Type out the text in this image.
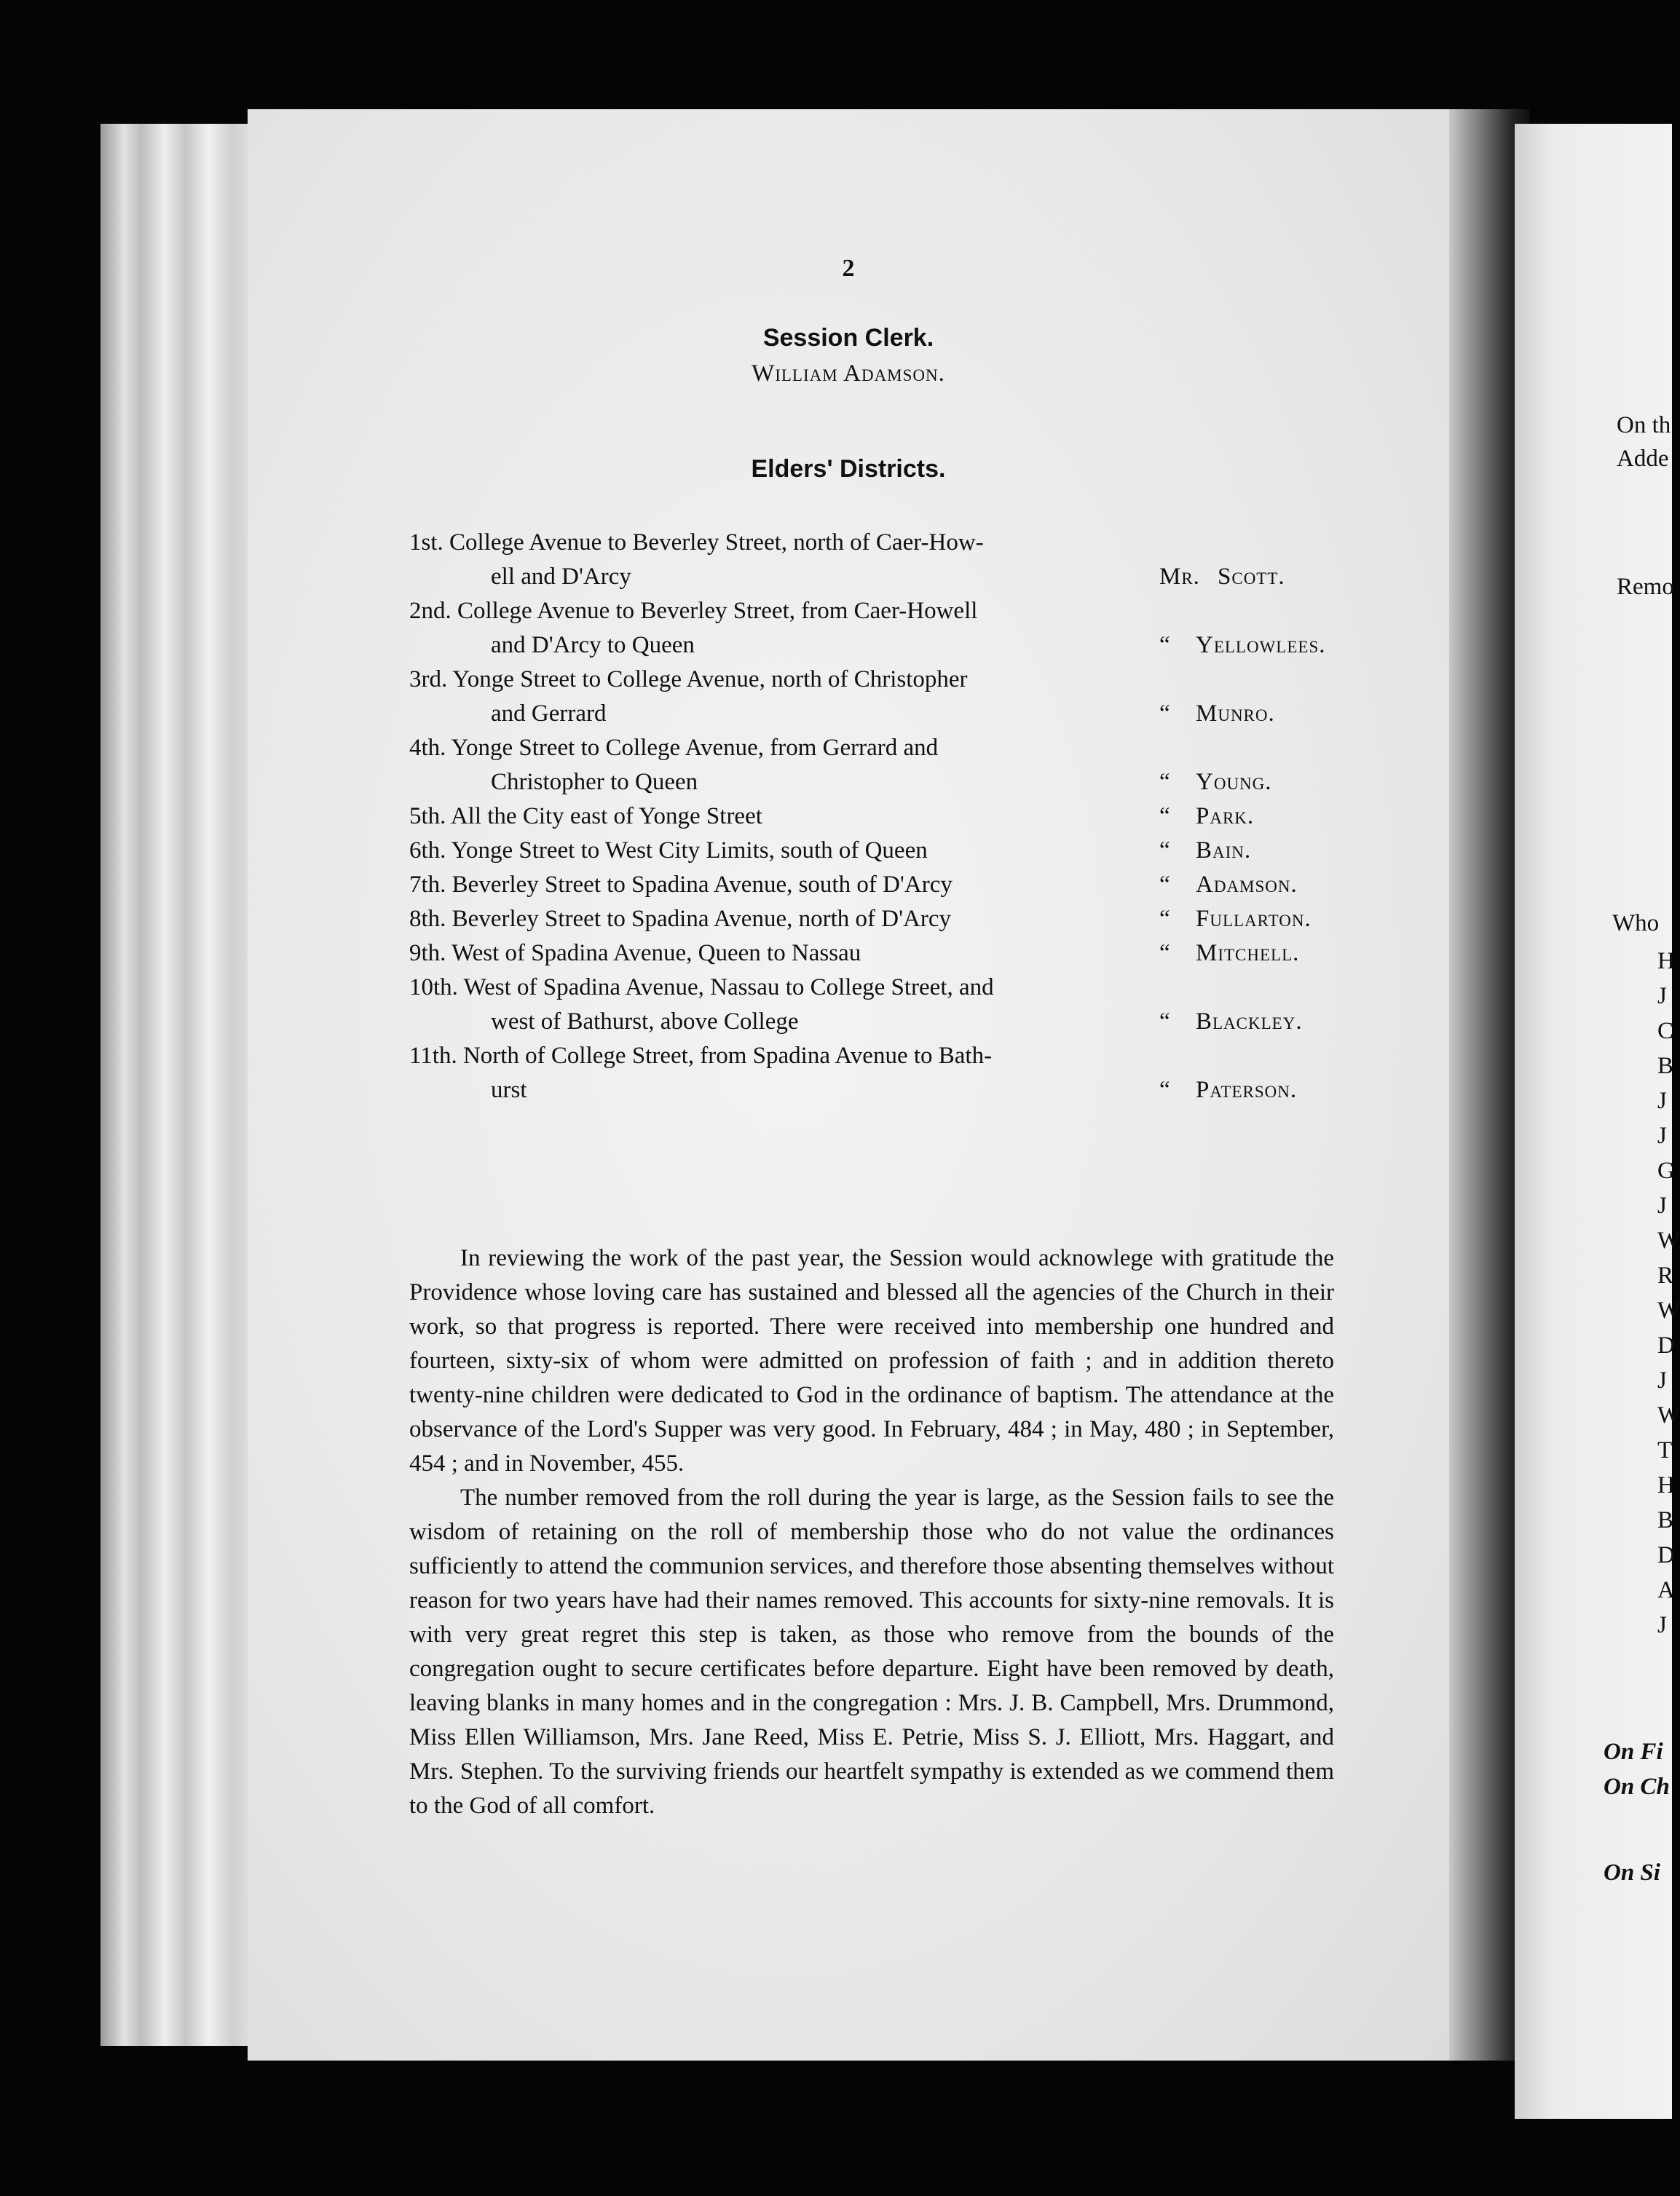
2
Session Clerk.
William Adamson.
Elders' Districts.
1st. College Avenue to Beverley Street, north of Caer-How-
ell and D'Arcy	Mr. Scott.
2nd. College Avenue to Beverley Street, from Caer-Howell
and D'Arcy to Queen	“ Yellowlees.
3rd. Yonge Street to College Avenue, north of Christopher
and Gerrard	“ Munro.
4th. Yonge Street to College Avenue, from Gerrard and
Christopher to Queen	“ Young.
5th. All the City east of Yonge Street	“ Park.
6th. Yonge Street to West City Limits, south of Queen	“ Bain.
7th. Beverley Street to Spadina Avenue, south of D'Arcy	“ Adamson.
8th. Beverley Street to Spadina Avenue, north of D'Arcy	“ Fullarton.
9th. West of Spadina Avenue, Queen to Nassau	“ Mitchell.
10th. West of Spadina Avenue, Nassau to College Street, and
west of Bathurst, above College	“ Blackley.
11th. North of College Street, from Spadina Avenue to Bath-
urst	“ Paterson.

In reviewing the work of the past year, the Session would acknowlege with gratitude the Providence whose loving care has sustained and blessed all the agencies of the Church in their work, so that progress is reported. There were received into membership one hundred and fourteen, sixty-six of whom were admitted on profession of faith ; and in addition thereto twenty-nine children were dedicated to God in the ordinance of baptism. The attendance at the observance of the Lord's Supper was very good. In February, 484 ; in May, 480 ; in September, 454 ; and in November, 455.

The number removed from the roll during the year is large, as the Session fails to see the wisdom of retaining on the roll of membership those who do not value the ordinances sufficiently to attend the communion services, and therefore those absenting themselves without reason for two years have had their names removed. This accounts for sixty-nine removals. It is with very great regret this step is taken, as those who remove from the bounds of the congregation ought to secure certificates before departure. Eight have been removed by death, leaving blanks in many homes and in the congregation : Mrs. J. B. Campbell, Mrs. Drummond, Miss Ellen Williamson, Mrs. Jane Reed, Miss E. Petrie, Miss S. J. Elliott, Mrs. Haggart, and Mrs. Stephen. To the surviving friends our heartfelt sympathy is extended as we commend them to the God of all comfort.

On th
Adde
Remo
Who
H
J
C
B
J
J
G
J
W
R
W
D
J
W
T
H
B
D
A
J
On Fi
On Ch
On Si
